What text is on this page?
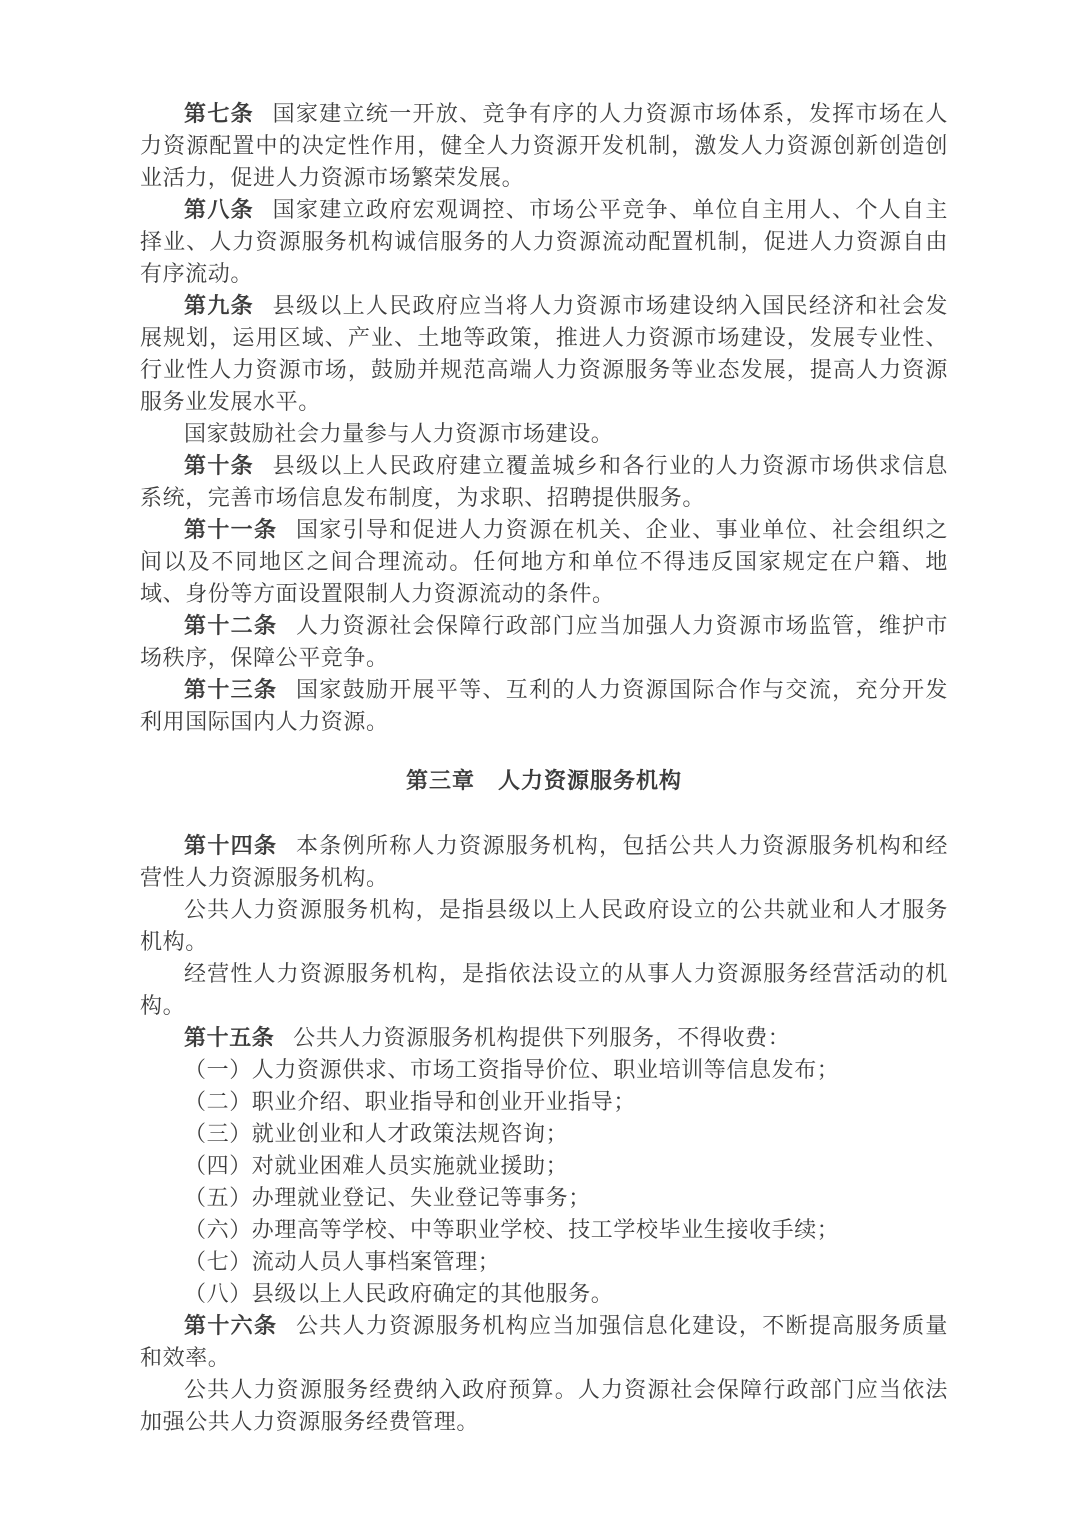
第七条 国家建立统一开放、竞争有序的人力资源市场体系，发挥市场在人力资源配置中的决定性作用，健全人力资源开发机制，激发人力资源创新创造创业活力，促进人力资源市场繁荣发展。

第八条 国家建立政府宏观调控、市场公平竞争、单位自主用人、个人自主择业、人力资源服务机构诚信服务的人力资源流动配置机制，促进人力资源自由有序流动。

第九条 县级以上人民政府应当将人力资源市场建设纳入国民经济和社会发展规划，运用区域、产业、土地等政策，推进人力资源市场建设，发展专业性、行业性人力资源市场，鼓励并规范高端人力资源服务等业态发展，提高人力资源服务业发展水平。

国家鼓励社会力量参与人力资源市场建设。

第十条 县级以上人民政府建立覆盖城乡和各行业的人力资源市场供求信息系统，完善市场信息发布制度，为求职、招聘提供服务。

第十一条 国家引导和促进人力资源在机关、企业、事业单位、社会组织之间以及不同地区之间合理流动。任何地方和单位不得违反国家规定在户籍、地域、身份等方面设置限制人力资源流动的条件。

第十二条 人力资源社会保障行政部门应当加强人力资源市场监管，维护市场秩序，保障公平竞争。

第十三条 国家鼓励开展平等、互利的人力资源国际合作与交流，充分开发利用国际国内人力资源。

第三章　人力资源服务机构

第十四条 本条例所称人力资源服务机构，包括公共人力资源服务机构和经营性人力资源服务机构。

公共人力资源服务机构，是指县级以上人民政府设立的公共就业和人才服务机构。

经营性人力资源服务机构，是指依法设立的从事人力资源服务经营活动的机构。

第十五条 公共人力资源服务机构提供下列服务，不得收费：

（一）人力资源供求、市场工资指导价位、职业培训等信息发布；

（二）职业介绍、职业指导和创业开业指导；

（三）就业创业和人才政策法规咨询；

（四）对就业困难人员实施就业援助；

（五）办理就业登记、失业登记等事务；

（六）办理高等学校、中等职业学校、技工学校毕业生接收手续；

（七）流动人员人事档案管理；

（八）县级以上人民政府确定的其他服务。

第十六条 公共人力资源服务机构应当加强信息化建设，不断提高服务质量和效率。

公共人力资源服务经费纳入政府预算。人力资源社会保障行政部门应当依法加强公共人力资源服务经费管理。
